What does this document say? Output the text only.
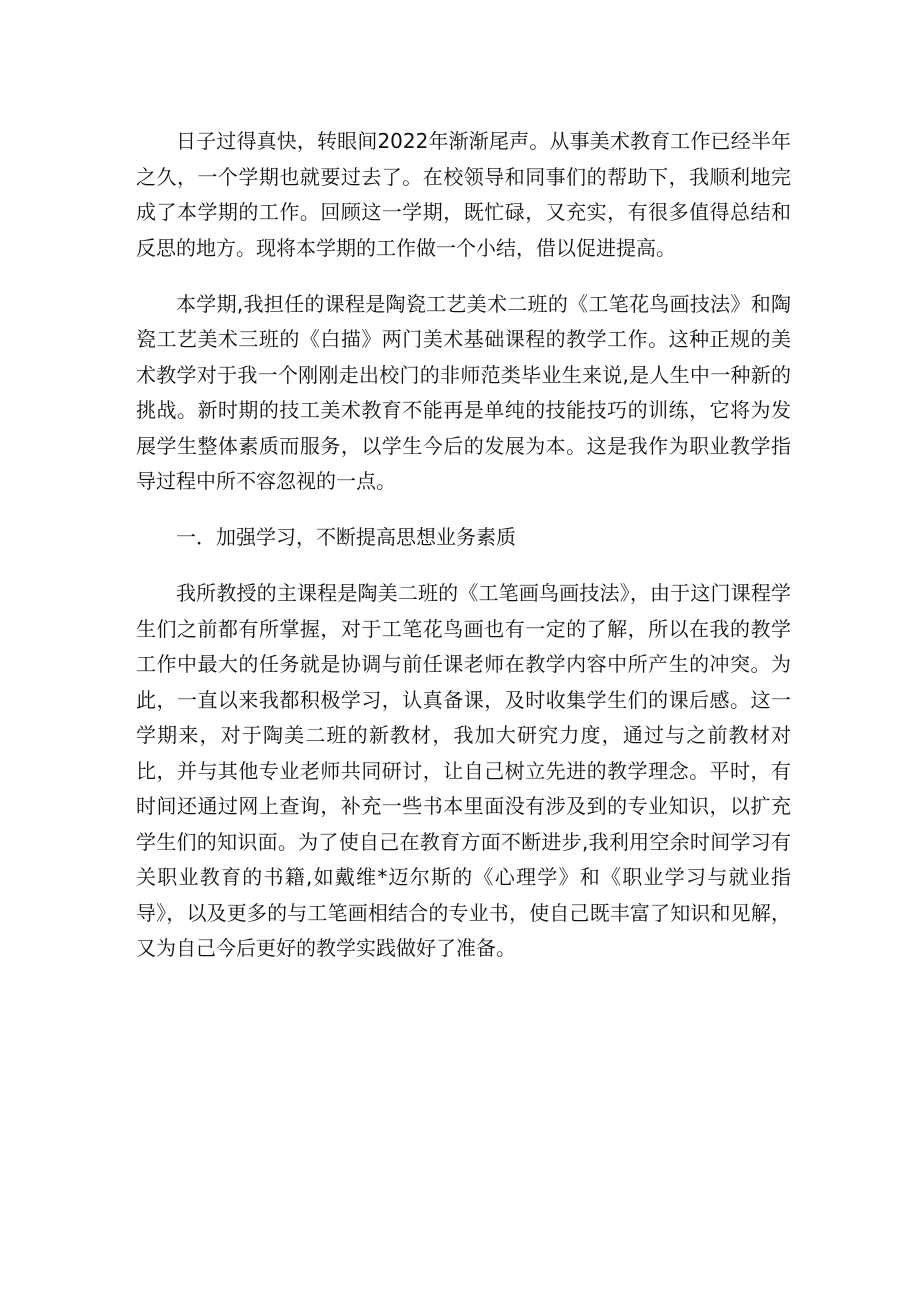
日子过得真快，转眼间2022年渐渐尾声。从事美术教育工作已经半年之久，一个学期也就要过去了。在校领导和同事们的帮助下，我顺利地完成了本学期的工作。回顾这一学期，既忙碌，又充实，有很多值得总结和反思的地方。现将本学期的工作做一个小结，借以促进提高。

本学期,我担任的课程是陶瓷工艺美术二班的《工笔花鸟画技法》和陶瓷工艺美术三班的《白描》两门美术基础课程的教学工作。这种正规的美术教学对于我一个刚刚走出校门的非师范类毕业生来说,是人生中一种新的挑战。新时期的技工美术教育不能再是单纯的技能技巧的训练，它将为发展学生整体素质而服务，以学生今后的发展为本。这是我作为职业教学指导过程中所不容忽视的一点。

一．加强学习，不断提高思想业务素质

我所教授的主课程是陶美二班的《工笔画鸟画技法》，由于这门课程学生们之前都有所掌握，对于工笔花鸟画也有一定的了解，所以在我的教学工作中最大的任务就是协调与前任课老师在教学内容中所产生的冲突。为此，一直以来我都积极学习，认真备课，及时收集学生们的课后感。这一学期来，对于陶美二班的新教材，我加大研究力度，通过与之前教材对比，并与其他专业老师共同研讨，让自己树立先进的教学理念。平时，有时间还通过网上查询，补充一些书本里面没有涉及到的专业知识，以扩充学生们的知识面。为了使自己在教育方面不断进步,我利用空余时间学习有关职业教育的书籍,如戴维*迈尔斯的《心理学》和《职业学习与就业指导》，以及更多的与工笔画相结合的专业书，使自己既丰富了知识和见解，又为自己今后更好的教学实践做好了准备。
